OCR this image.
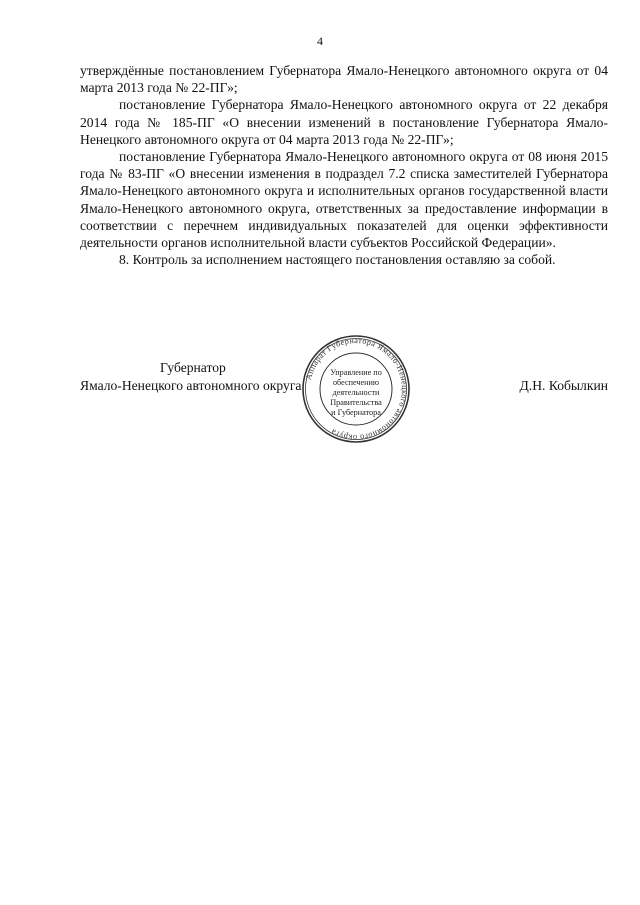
4

утверждённые постановлением Губернатора Ямало-Ненецкого автономного округа от 04 марта 2013 года № 22-ПГ»;

постановление Губернатора Ямало-Ненецкого автономного округа от 22 декабря 2014 года № 185-ПГ «О внесении изменений в постановление Губернатора Ямало-Ненецкого автономного округа от 04 марта 2013 года № 22-ПГ»;

постановление Губернатора Ямало-Ненецкого автономного округа от 08 июня 2015 года № 83-ПГ «О внесении изменения в подраздел 7.2 списка заместителей Губернатора Ямало-Ненецкого автономного округа и исполнительных органов государственной власти Ямало-Ненецкого автономного округа, ответственных за предоставление информации в соответствии с перечнем индивидуальных показателей для оценки эффективности деятельности органов исполнительной власти субъектов Российской Федерации».

8. Контроль за исполнением настоящего постановления оставляю за собой.

Губернатор
Ямало-Ненецкого автономного округа	Д.Н. Кобылкин
Аппарат Губернатора Ямало-Ненецкого автономного округа
Управление по
обеспечению
деятельности
Правительства
и Губернатора
